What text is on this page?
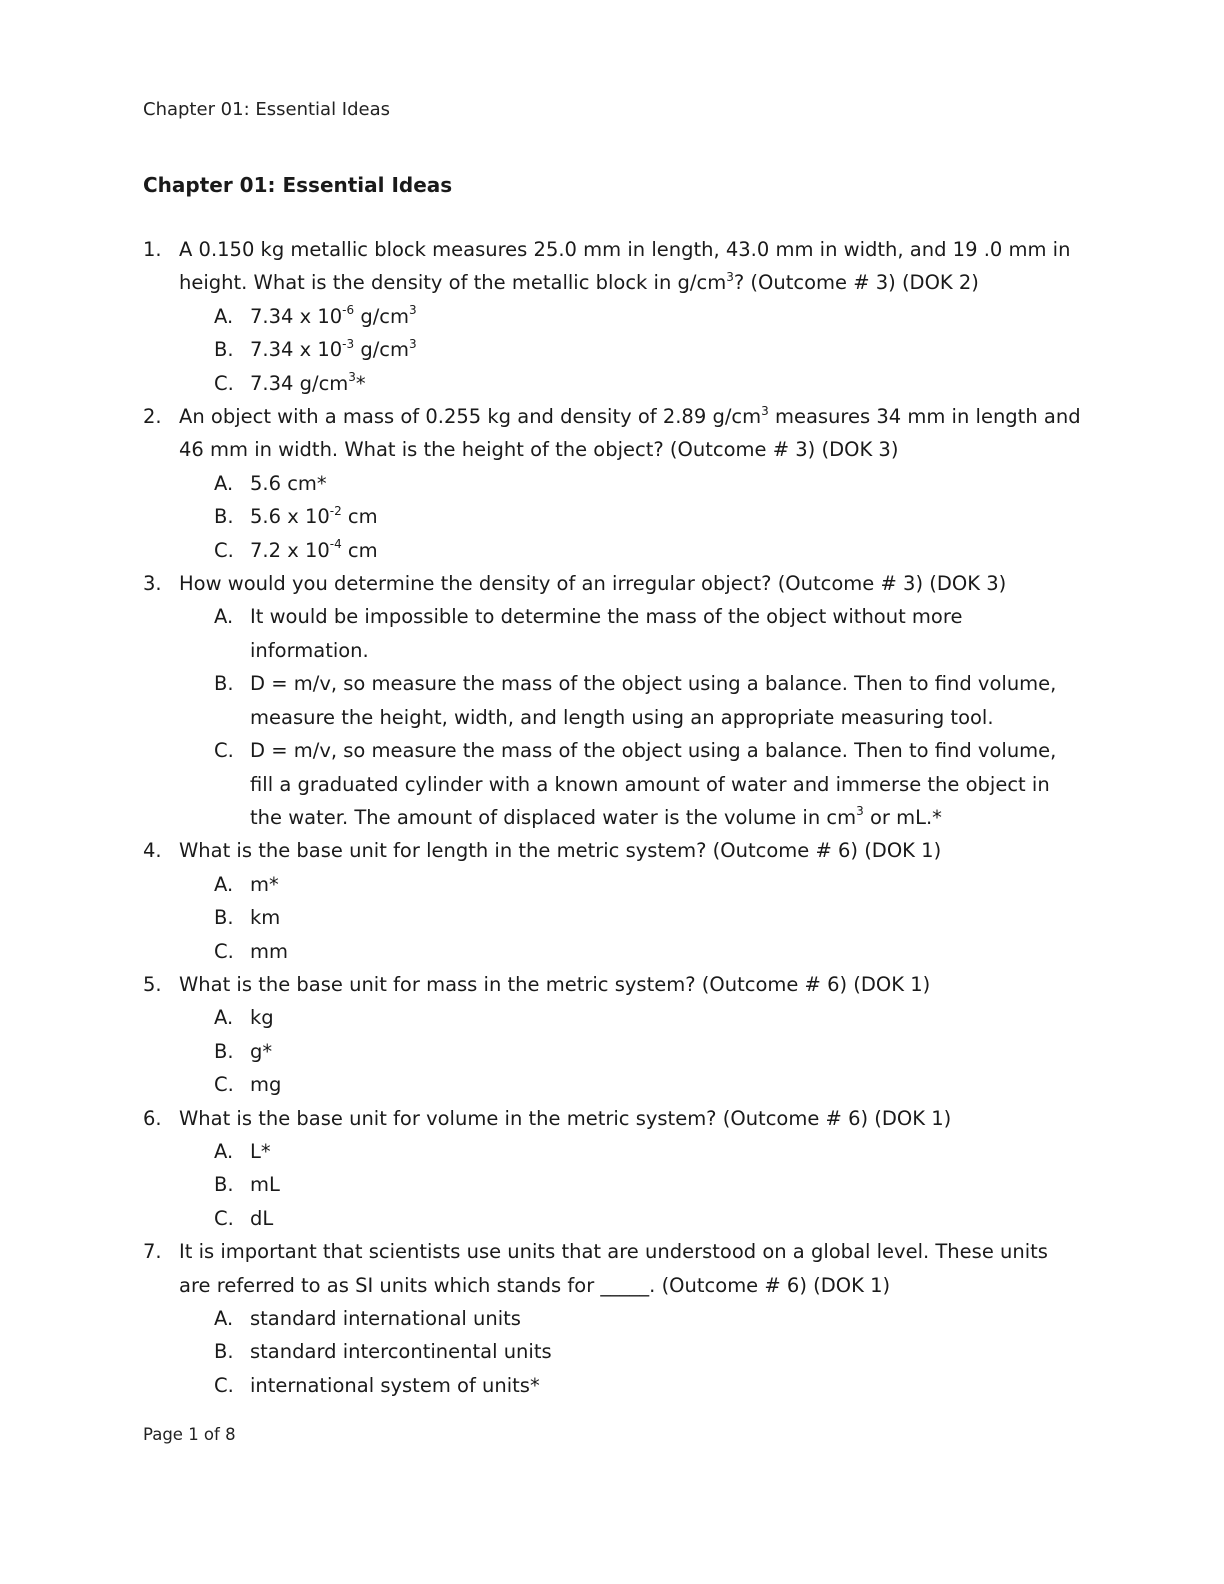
Chapter 01: Essential Ideas
Chapter 01: Essential Ideas
1. A 0.150 kg metallic block measures 25.0 mm in length, 43.0 mm in width, and 19 .0 mm in height. What is the density of the metallic block in $g/cm^3$? (Outcome # 3) (DOK 2)
A. 7.34 x $10^{-6}$ $g/cm^3$
B. 7.34 x $10^{-3}$ $g/cm^3$
C. 7.34 $g/cm^3*$
2. An object with a mass of 0.255 kg and density of 2.89 $g/cm^3$ measures 34 mm in length and 46 mm in width. What is the height of the object? (Outcome # 3) (DOK 3)
A. 5.6 cm*
B. 5.6 x $10^{-2}$ cm
C. 7.2 x $10^{-4}$ cm
3. How would you determine the density of an irregular object? (Outcome # 3) (DOK 3)
A. It would be impossible to determine the mass of the object without more information.
B. D = m/v, so measure the mass of the object using a balance. Then to find volume, measure the height, width, and length using an appropriate measuring tool.
C. D = m/v, so measure the mass of the object using a balance. Then to find volume, fill a graduated cylinder with a known amount of water and immerse the object in the water. The amount of displaced water is the volume in $cm^3$ or mL.*
4. What is the base unit for length in the metric system? (Outcome # 6) (DOK 1)
A. m*
B. km
C. mm
5. What is the base unit for mass in the metric system? (Outcome # 6) (DOK 1)
A. kg
B. g*
C. mg
6. What is the base unit for volume in the metric system? (Outcome # 6) (DOK 1)
A. L*
B. mL
C. dL
7. It is important that scientists use units that are understood on a global level. These units are referred to as SI units which stands for _____. (Outcome # 6) (DOK 1)
A. standard international units
B. standard intercontinental units
C. international system of units*
Page 1 of 8
